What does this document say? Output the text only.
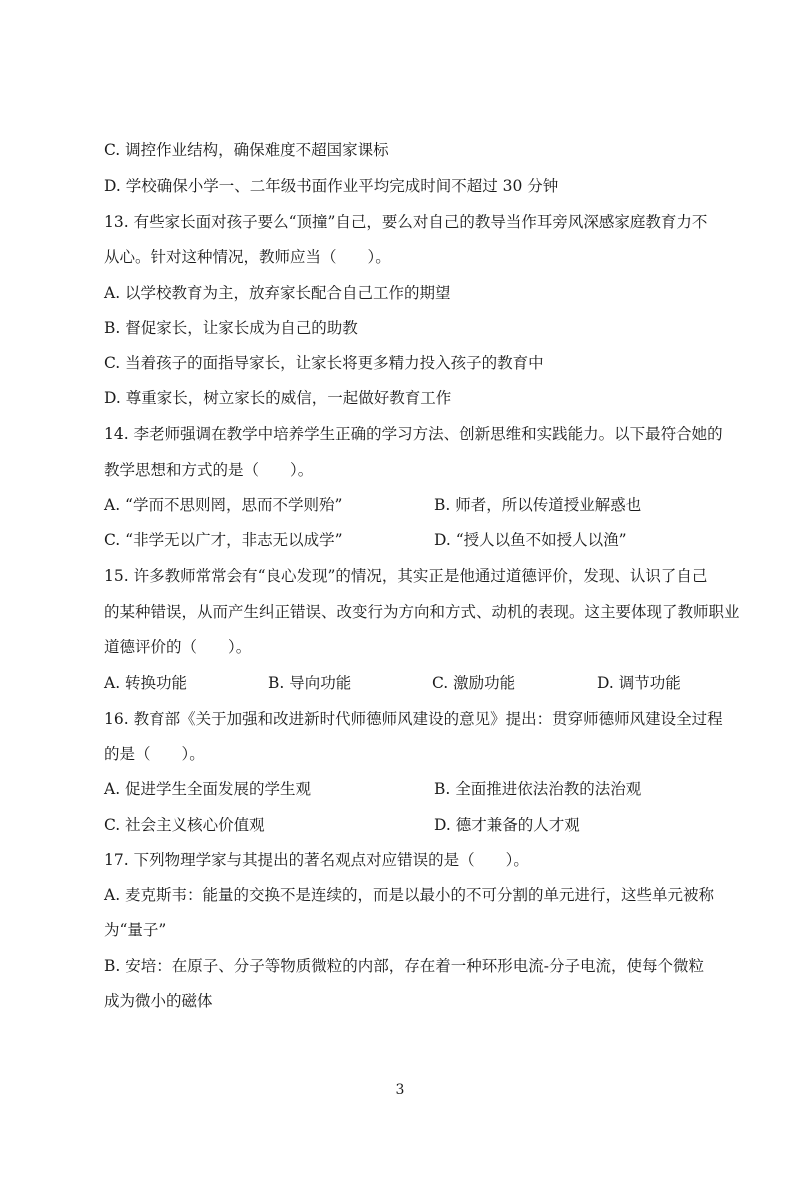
C. 调控作业结构，确保难度不超国家课标
D. 学校确保小学一、二年级书面作业平均完成时间不超过 30 分钟
13. 有些家长面对孩子要么“顶撞”自己，要么对自己的教导当作耳旁风深感家庭教育力不
从心。针对这种情况，教师应当（　　）。
A. 以学校教育为主，放弃家长配合自己工作的期望
B. 督促家长，让家长成为自己的助教
C. 当着孩子的面指导家长，让家长将更多精力投入孩子的教育中
D. 尊重家长，树立家长的威信，一起做好教育工作
14. 李老师强调在教学中培养学生正确的学习方法、创新思维和实践能力。以下最符合她的
教学思想和方式的是（　　）。
A. “学而不思则罔，思而不学则殆”	B. 师者，所以传道授业解惑也
C. “非学无以广才，非志无以成学”	D. “授人以鱼不如授人以渔”
15. 许多教师常常会有“良心发现”的情况，其实正是他通过道德评价，发现、认识了自己
的某种错误，从而产生纠正错误、改变行为方向和方式、动机的表现。这主要体现了教师职业
道德评价的（　　）。
A. 转换功能	B. 导向功能	C. 激励功能	D. 调节功能
16. 教育部《关于加强和改进新时代师德师风建设的意见》提出：贯穿师德师风建设全过程
的是（　　）。
A. 促进学生全面发展的学生观	B. 全面推进依法治教的法治观
C. 社会主义核心价值观	D. 德才兼备的人才观
17. 下列物理学家与其提出的著名观点对应错误的是（　　）。
A. 麦克斯韦：能量的交换不是连续的，而是以最小的不可分割的单元进行，这些单元被称
为“量子”
B. 安培：在原子、分子等物质微粒的内部，存在着一种环形电流-分子电流，使每个微粒
成为微小的磁体
3
